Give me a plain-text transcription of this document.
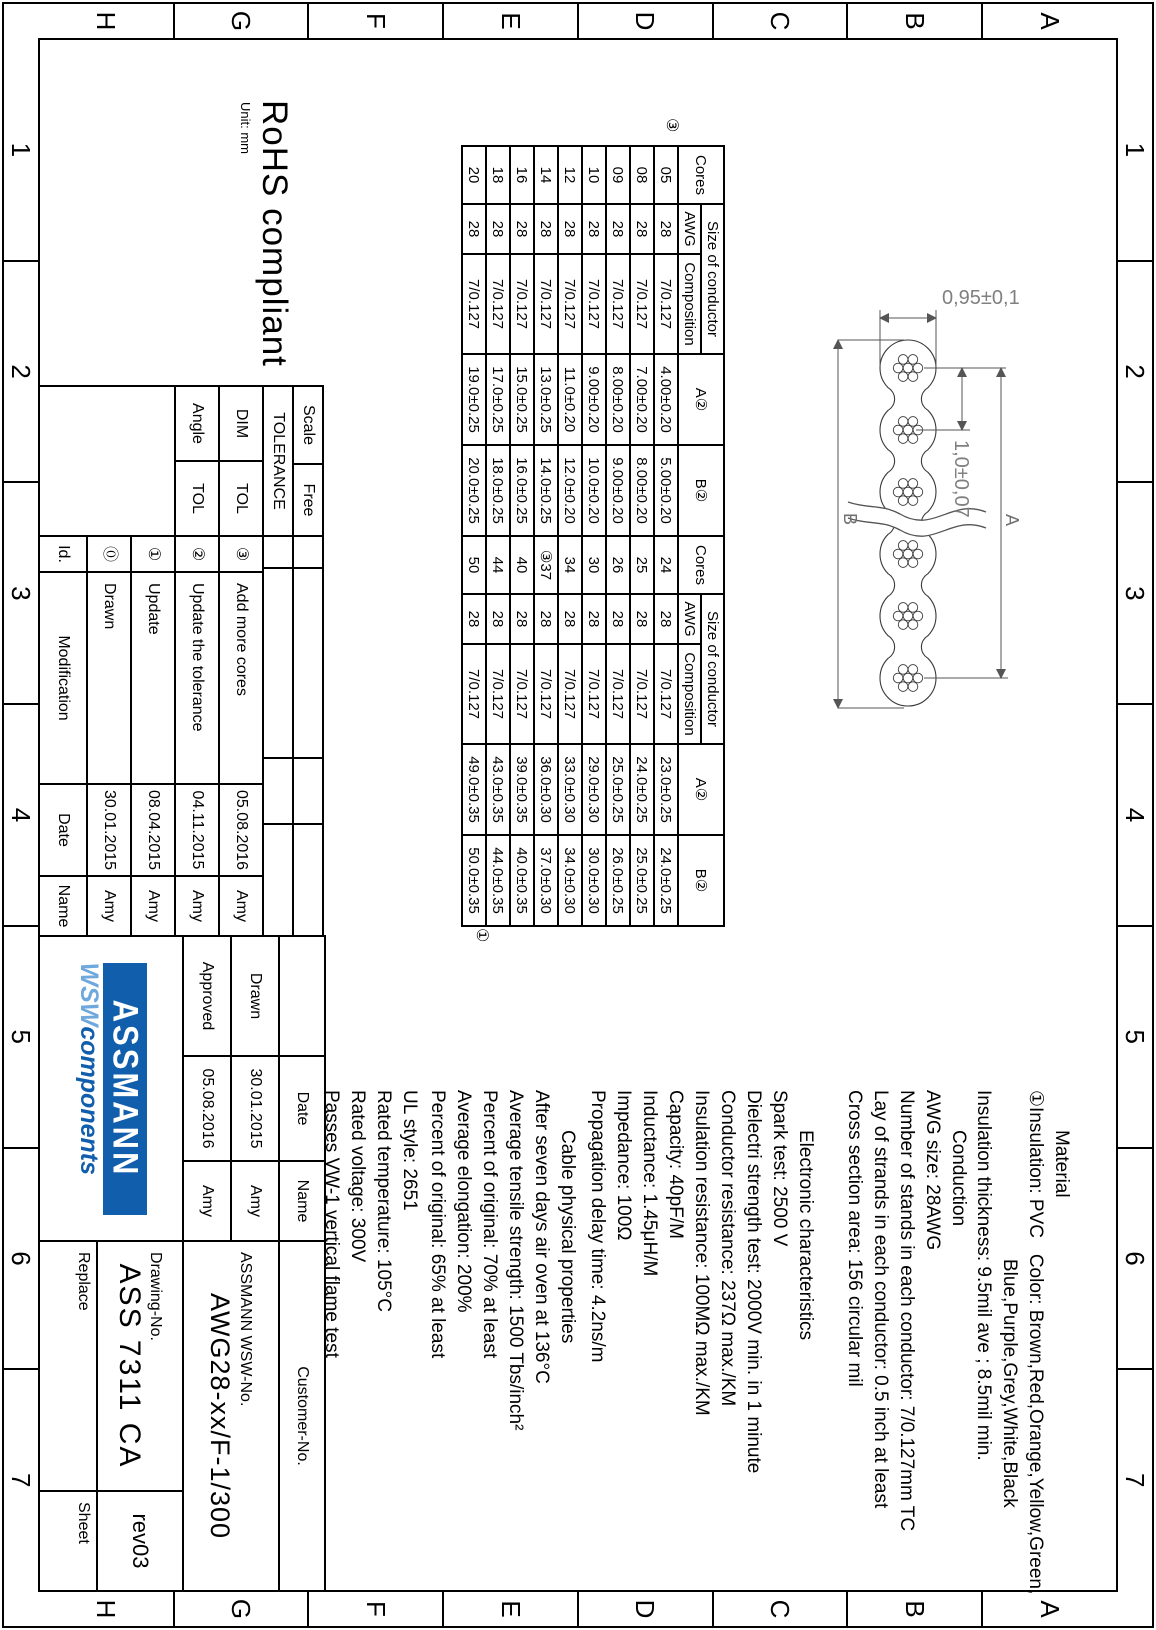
1
2
3
4
5
6
7
1
2
3
4
5
6
7
A
B
C
D
E
F
G
H
A
B
C
D
E
F
G
H
RoHS compliant
Unit: mm
Cores	Size of conductor		A②	B②
	AWG	Composition		
05	28	7/0.127	4.00±0.20	5.00±0.20
08	28	7/0.127	7.00±0.20	8.00±0.20
09	28	7/0.127	8.00±0.20	9.00±0.20
10	28	7/0.127	9.00±0.20	10.0±0.20
12	28	7/0.127	11.0±0.20	12.0±0.20
14	28	7/0.127	13.0±0.25	14.0±0.25
16	28	7/0.127	15.0±0.25	16.0±0.25
18	28	7/0.127	17.0±0.25	18.0±0.25
20	28	7/0.127	19.0±0.25	20.0±0.25
Cores	Size of conductor		A②	B②
	AWG	Composition		
24	28	7/0.127	23.0±0.25	24.0±0.25
25	28	7/0.127	24.0±0.25	25.0±0.25
26	28	7/0.127	25.0±0.25	26.0±0.25
30	28	7/0.127	29.0±0.30	30.0±0.30
34	28	7/0.127	33.0±0.30	34.0±0.30
③37	28	7/0.127	36.0±0.30	37.0±0.30
40	28	7/0.127	39.0±0.35	40.0±0.35
44	28	7/0.127	43.0±0.35	44.0±0.35
50	28	7/0.127	49.0±0.35	50.0±0.35
③
①
0,95±0,1
1,0±0,07
A
B
Material
①Insulation: PVC   Color: Brown,Red,Orange,Yellow,Green,
Blue,Purple,Grey,White,Black
Insulation thickness: 9.5mil ave ; 8.5mil min.
Conduction
AWG size: 28AWG
Number of stands in each conductor: 7/0.127mm TC
Lay of strands in each conductor: 0.5 inch at least
Cross section area: 156 circular mil
Electronic characteristics
Spark test: 2500 V
Dielectri strength test: 2000V min. in 1 minute
Conductor resistance: 237Ω max./KM
Insulation resistance: 100MΩ max./KM
Capacity: 40pF/M
Inductance: 1.45μH/M
Impedance: 100Ω
Propagation delay time: 4.2ns/m
Cable physical properties
After seven days air oven at 136°C
Average tensile strength: 1500 Tbs/inch²
Percent of original: 70% at least
Average elongation: 200%
Percent of original: 65% at least
UL style: 2651
Rated temperature: 105°C
Rated voltage: 300V
Passes VW-1 vertical flame test
Scale	Free				
TOLERANCE					
DIM	TOL
Angle	TOL

③	Add more cores	05.08.2016	Amy
②	Update the tolerance	04.11.2015	Amy
①	Update	08.04.2015	Amy
⓪	Drawn	30.01.2015	Amy
Id.	Modification	Date	Name
	Date	Name	Customer-No.	
Drawn	30.01.2015	Amy	ASSMANN WSW-No.
AWG28-xx/F-1/300	

Approved	05.08.2016	Amy		

ASSMANN
WSWcomponents

Drawing-No.
ASS 7311 CA
	rev03

			Replace	Sheet
